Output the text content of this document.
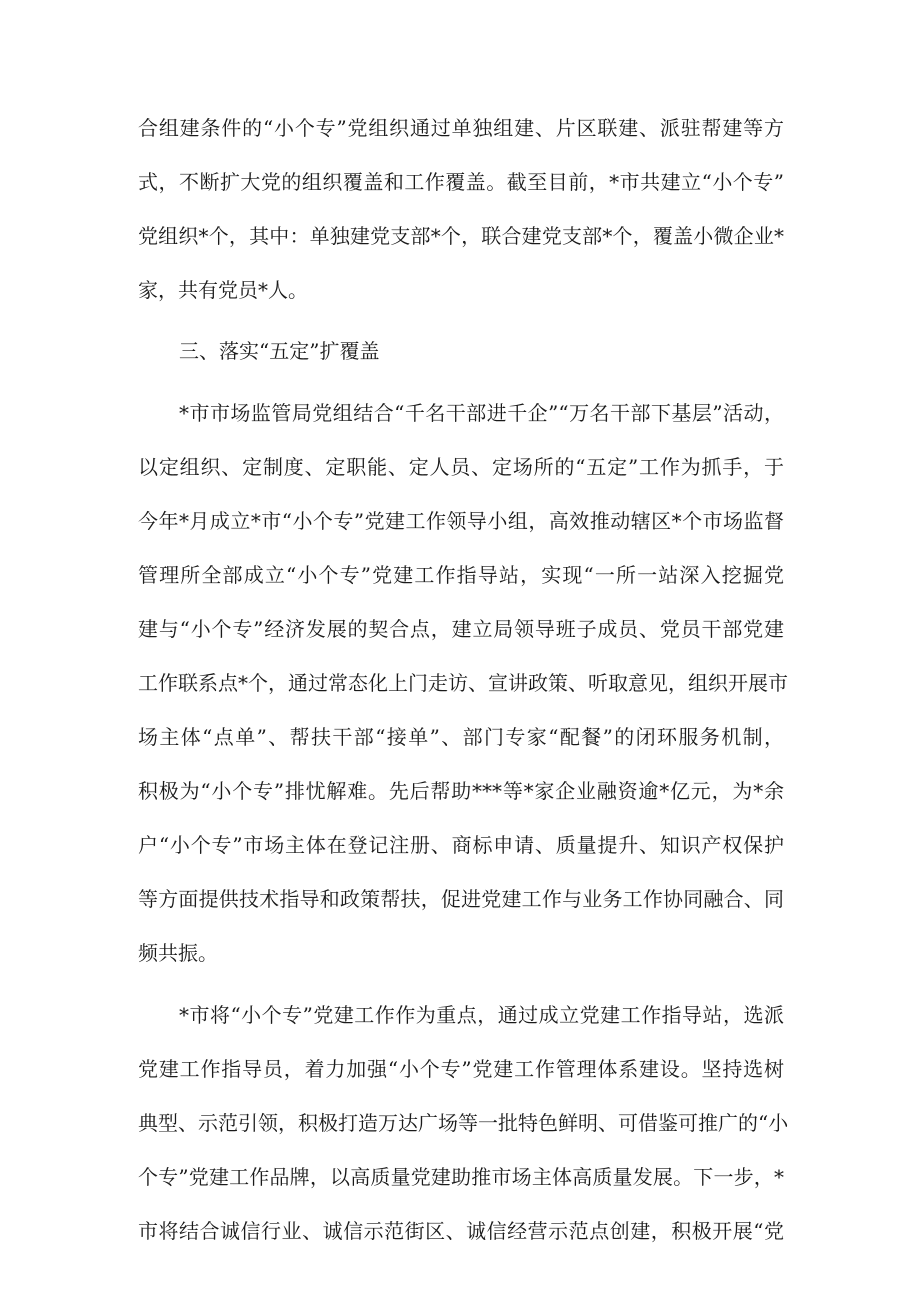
合组建条件的“小个专”党组织通过单独组建、片区联建、派驻帮建等方
式，不断扩大党的组织覆盖和工作覆盖。截至目前，*市共建立“小个专”
党组织*个，其中：单独建党支部*个，联合建党支部*个，覆盖小微企业*
家，共有党员*人。
三、落实“五定”扩覆盖
*市市场监管局党组结合“千名干部进千企”“万名干部下基层”活动，
以定组织、定制度、定职能、定人员、定场所的“五定”工作为抓手，于
今年*月成立*市“小个专”党建工作领导小组，高效推动辖区*个市场监督
管理所全部成立“小个专”党建工作指导站，实现“一所一站深入挖掘党
建与“小个专”经济发展的契合点，建立局领导班子成员、党员干部党建
工作联系点*个，通过常态化上门走访、宣讲政策、听取意见，组织开展市
场主体“点单”、帮扶干部“接单”、部门专家“配餐”的闭环服务机制，
积极为“小个专”排忧解难。先后帮助***等*家企业融资逾*亿元，为*余
户“小个专”市场主体在登记注册、商标申请、质量提升、知识产权保护
等方面提供技术指导和政策帮扶，促进党建工作与业务工作协同融合、同
频共振。
*市将“小个专”党建工作作为重点，通过成立党建工作指导站，选派
党建工作指导员，着力加强“小个专”党建工作管理体系建设。坚持选树
典型、示范引领，积极打造万达广场等一批特色鲜明、可借鉴可推广的“小
个专”党建工作品牌，以高质量党建助推市场主体高质量发展。下一步，*
市将结合诚信行业、诚信示范街区、诚信经营示范点创建，积极开展“党
